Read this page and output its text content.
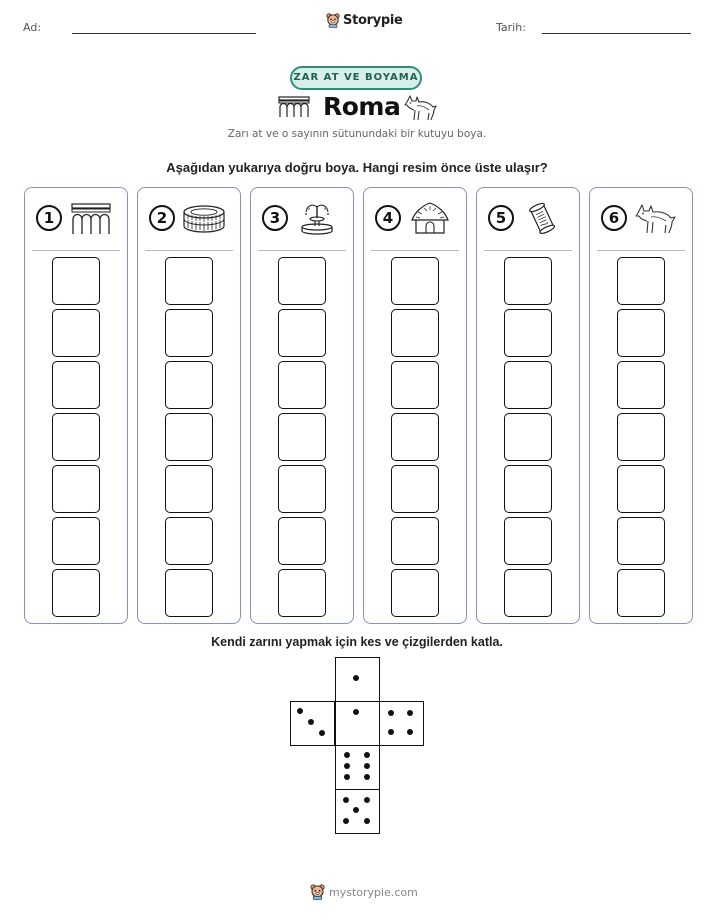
Ad:	Storypie	Tarih:
ZAR AT VE BOYAMA
Roma
Zarı at ve o sayının sütunundaki bir kutuyu boya.
Aşağıdan yukarıya doğru boya. Hangi resim önce üste ulaşır?
1	2	3	4	5	6
Kendi zarını yapmak için kes ve çizgilerden katla.
mystorypie.com
